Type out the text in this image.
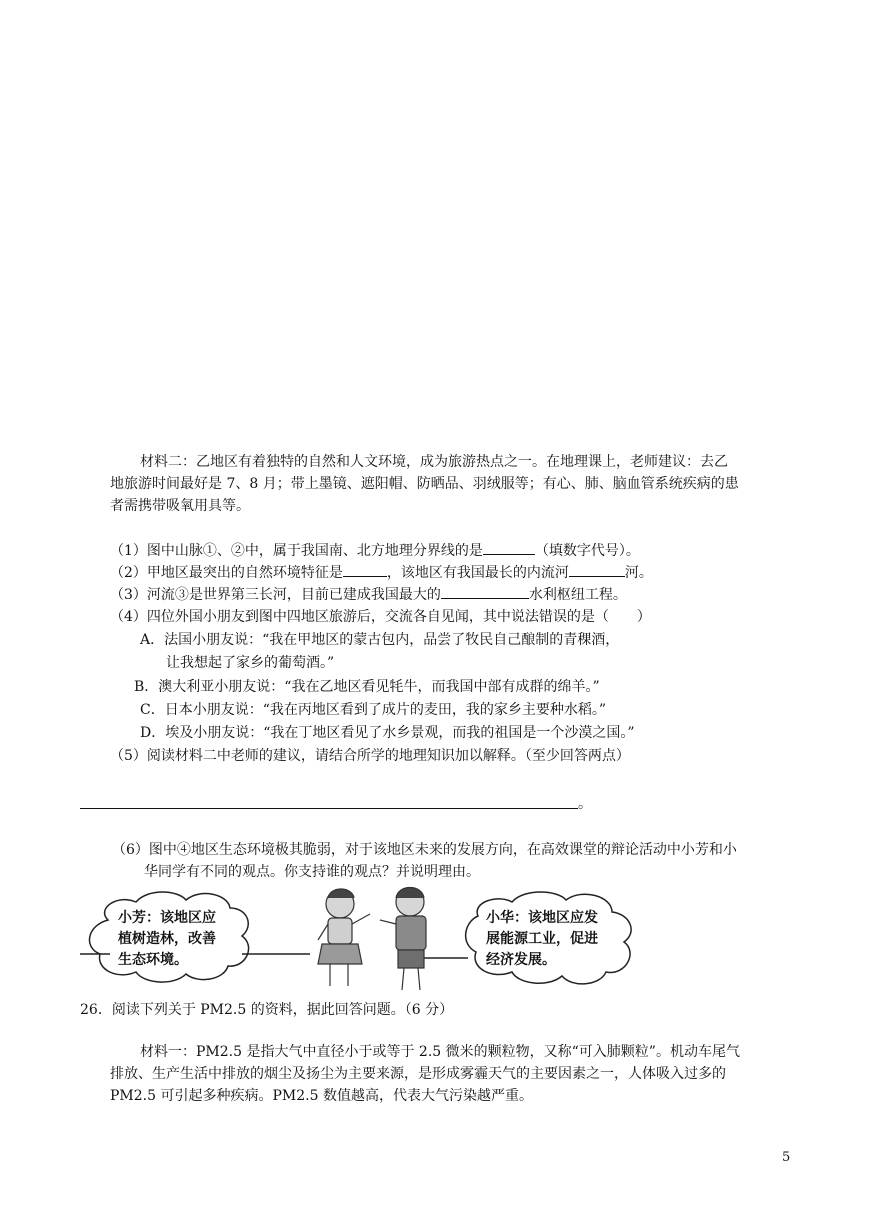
材料二：乙地区有着独特的自然和人文环境，成为旅游热点之一。在地理课上，老师建议：去乙
地旅游时间最好是 7、8 月；带上墨镜、遮阳帽、防晒品、羽绒服等；有心、肺、脑血管系统疾病的患
者需携带吸氧用具等。
（1）图中山脉①、②中，属于我国南、北方地理分界线的是	（填数字代号）。
（2）甲地区最突出的自然环境特征是	，该地区有我国最长的内流河	河。
（3）河流③是世界第三长河，目前已建成我国最大的	水利枢纽工程。
（4）四位外国小朋友到图中四地区旅游后，交流各自见闻，其中说法错误的是（　　）
A．法国小朋友说：“我在甲地区的蒙古包内，品尝了牧民自己酿制的青稞酒，
让我想起了家乡的葡萄酒。”
B．澳大利亚小朋友说：“我在乙地区看见牦牛，而我国中部有成群的绵羊。”
C．日本小朋友说：“我在丙地区看到了成片的麦田，我的家乡主要种水稻。”
D．埃及小朋友说：“我在丁地区看见了水乡景观，而我的祖国是一个沙漠之国。”
（5）阅读材料二中老师的建议，请结合所学的地理知识加以解释。（至少回答两点）
。
（6）图中④地区生态环境极其脆弱，对于该地区未来的发展方向，在高效课堂的辩论活动中小芳和小
华同学有不同的观点。你支持谁的观点？并说明理由。
小芳：该地区应
植树造林，改善
生态环境。
小华：该地区应发
展能源工业，促进
经济发展。
26．阅读下列关于 PM2.5 的资料，据此回答问题。（6 分）
材料一：PM2.5 是指大气中直径小于或等于 2.5 微米的颗粒物，又称“可入肺颗粒”。机动车尾气
排放、生产生活中排放的烟尘及扬尘为主要来源，是形成雾霾天气的主要因素之一，人体吸入过多的
PM2.5 可引起多种疾病。PM2.5 数值越高，代表大气污染越严重。
5
